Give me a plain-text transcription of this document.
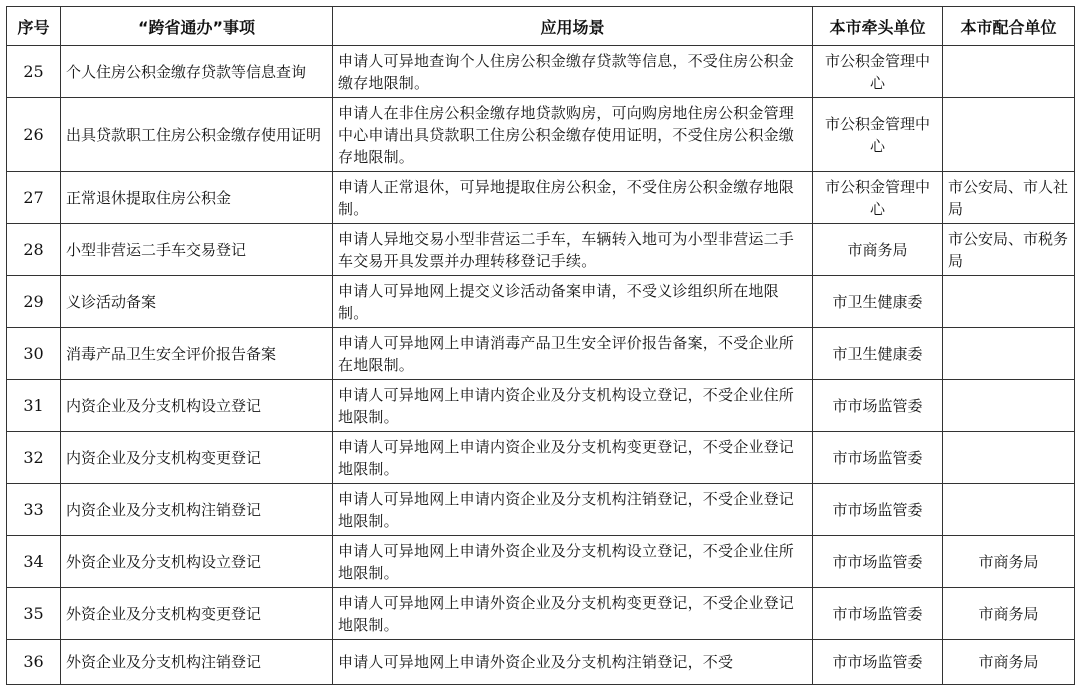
序号	“跨省通办”事项	应用场景	本市牵头单位	本市配合单位
25	个人住房公积金缴存贷款等信息查询	申请人可异地查询个人住房公积金缴存贷款等信息，不受住房公积金缴存地限制。	市公积金管理中心	
26	出具贷款职工住房公积金缴存使用证明	申请人在非住房公积金缴存地贷款购房，可向购房地住房公积金管理中心申请出具贷款职工住房公积金缴存使用证明，不受住房公积金缴存地限制。	市公积金管理中心	
27	正常退休提取住房公积金	申请人正常退休，可异地提取住房公积金，不受住房公积金缴存地限制。	市公积金管理中心	市公安局、市人社局
28	小型非营运二手车交易登记	申请人异地交易小型非营运二手车，车辆转入地可为小型非营运二手车交易开具发票并办理转移登记手续。	市商务局	市公安局、市税务局
29	义诊活动备案	申请人可异地网上提交义诊活动备案申请，不受义诊组织所在地限制。	市卫生健康委	
30	消毒产品卫生安全评价报告备案	申请人可异地网上申请消毒产品卫生安全评价报告备案，不受企业所在地限制。	市卫生健康委	
31	内资企业及分支机构设立登记	申请人可异地网上申请内资企业及分支机构设立登记，不受企业住所地限制。	市市场监管委	
32	内资企业及分支机构变更登记	申请人可异地网上申请内资企业及分支机构变更登记，不受企业登记地限制。	市市场监管委	
33	内资企业及分支机构注销登记	申请人可异地网上申请内资企业及分支机构注销登记，不受企业登记地限制。	市市场监管委	
34	外资企业及分支机构设立登记	申请人可异地网上申请外资企业及分支机构设立登记，不受企业住所地限制。	市市场监管委	市商务局
35	外资企业及分支机构变更登记	申请人可异地网上申请外资企业及分支机构变更登记，不受企业登记地限制。	市市场监管委	市商务局
36	外资企业及分支机构注销登记	申请人可异地网上申请外资企业及分支机构注销登记，不受	市市场监管委	市商务局
